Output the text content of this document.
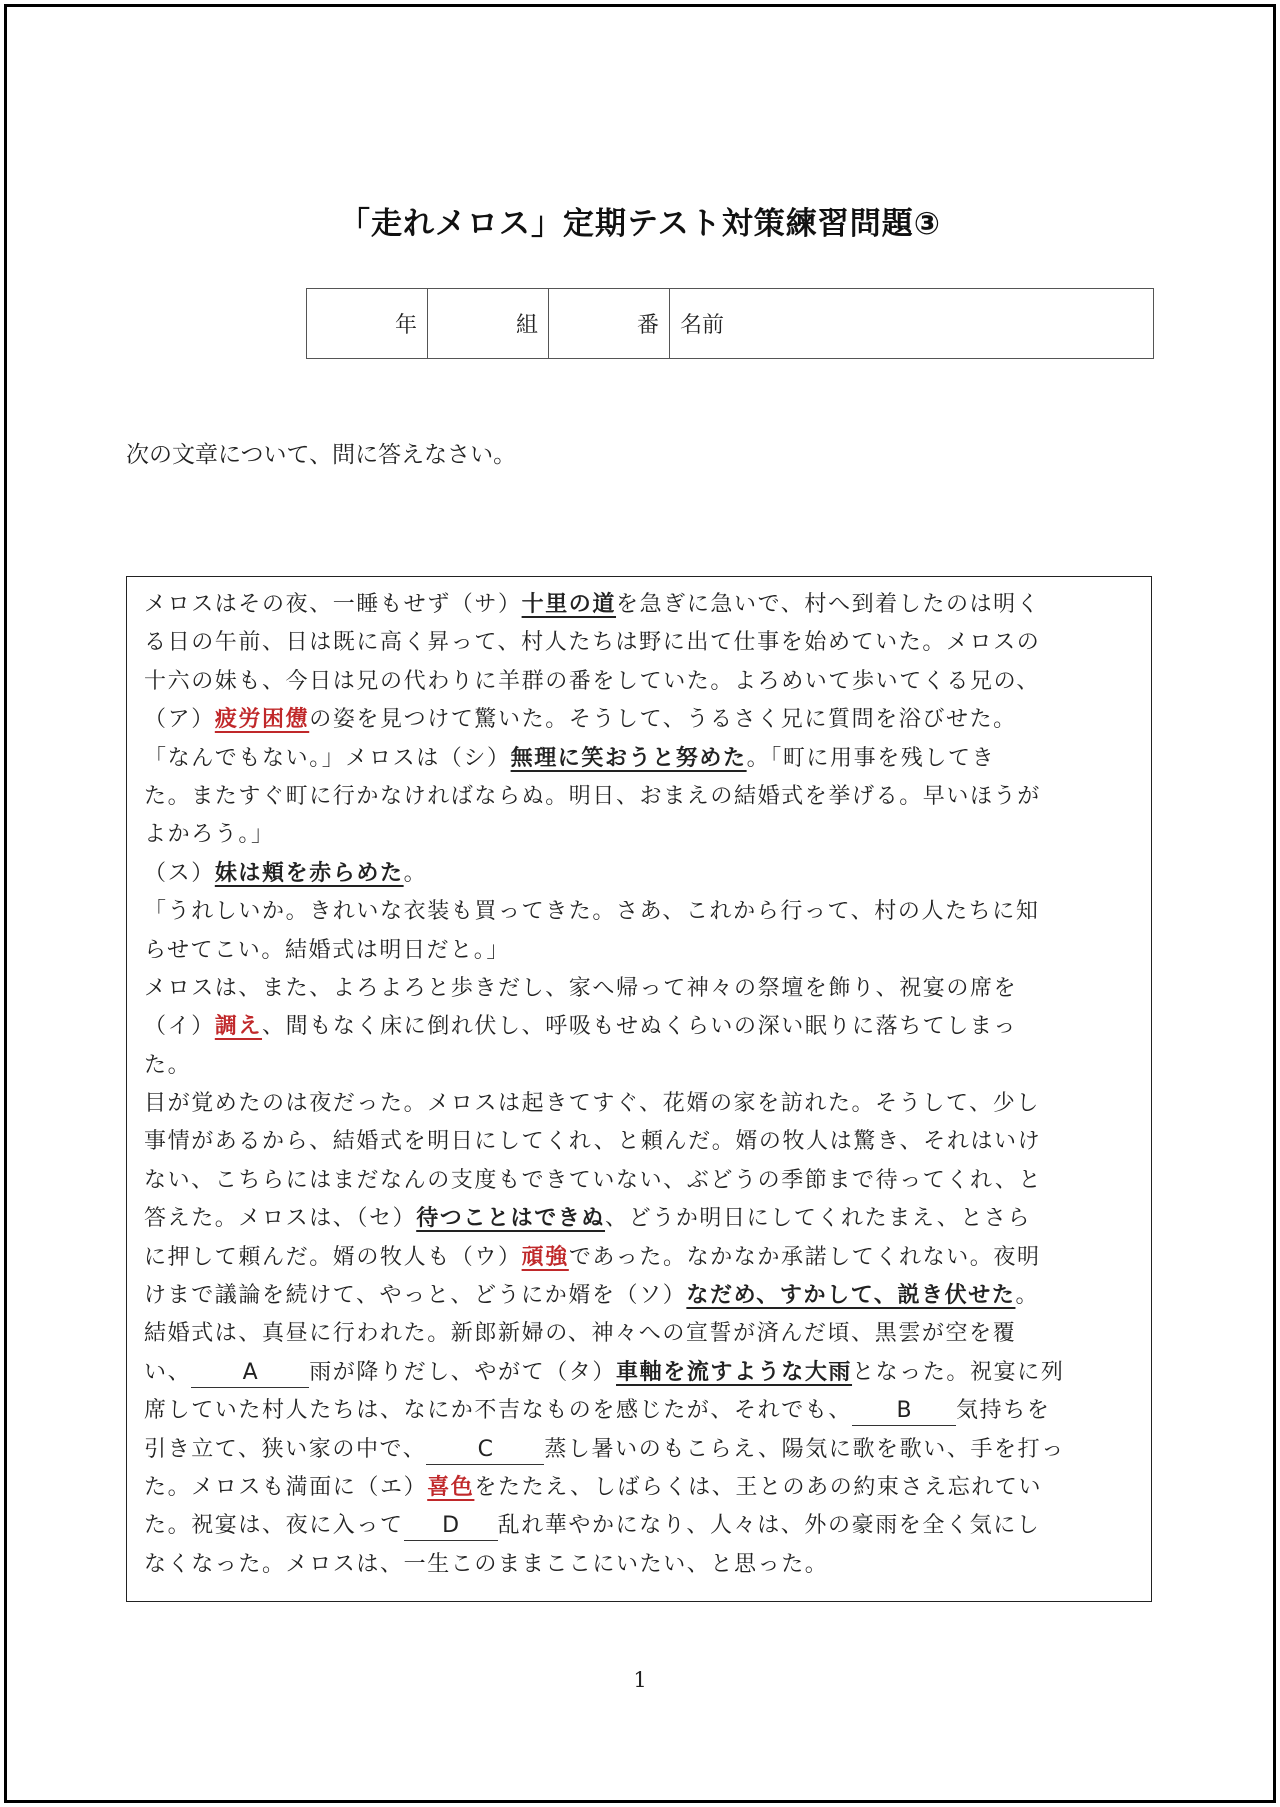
「走れメロス」定期テスト対策練習問題③
年	組	番	名前

次の文章について、問に答えなさい。

メロスはその夜、一睡もせず（サ）十里の道を急ぎに急いで、村へ到着したのは明く
る日の午前、日は既に高く昇って、村人たちは野に出て仕事を始めていた。メロスの
十六の妹も、今日は兄の代わりに羊群の番をしていた。よろめいて歩いてくる兄の、
（ア）疲労困憊の姿を見つけて驚いた。そうして、うるさく兄に質問を浴びせた。
「なんでもない。」メロスは（シ）無理に笑おうと努めた。「町に用事を残してき
た。またすぐ町に行かなければならぬ。明日、おまえの結婚式を挙げる。早いほうが
よかろう。」
（ス）妹は頬を赤らめた。
「うれしいか。きれいな衣装も買ってきた。さあ、これから行って、村の人たちに知
らせてこい。結婚式は明日だと。」
メロスは、また、よろよろと歩きだし、家へ帰って神々の祭壇を飾り、祝宴の席を
（イ）調え、間もなく床に倒れ伏し、呼吸もせぬくらいの深い眠りに落ちてしまっ
た。
目が覚めたのは夜だった。メロスは起きてすぐ、花婿の家を訪れた。そうして、少し
事情があるから、結婚式を明日にしてくれ、と頼んだ。婿の牧人は驚き、それはいけ
ない、こちらにはまだなんの支度もできていない、ぶどうの季節まで待ってくれ、と
答えた。メロスは、（セ）待つことはできぬ、どうか明日にしてくれたまえ、とさら
に押して頼んだ。婿の牧人も（ウ）頑強であった。なかなか承諾してくれない。夜明
けまで議論を続けて、やっと、どうにか婿を（ソ）なだめ、すかして、説き伏せた。
結婚式は、真昼に行われた。新郎新婦の、神々への宣誓が済んだ頃、黒雲が空を覆
い、 A 雨が降りだし、やがて（タ）車軸を流すような大雨となった。祝宴に列
席していた村人たちは、なにか不吉なものを感じたが、それでも、 B 気持ちを
引き立て、狭い家の中で、 C 蒸し暑いのもこらえ、陽気に歌を歌い、手を打っ
た。メロスも満面に（エ）喜色をたたえ、しばらくは、王とのあの約束さえ忘れてい
た。祝宴は、夜に入って D 乱れ華やかになり、人々は、外の豪雨を全く気にし
なくなった。メロスは、一生このままここにいたい、と思った。
1
